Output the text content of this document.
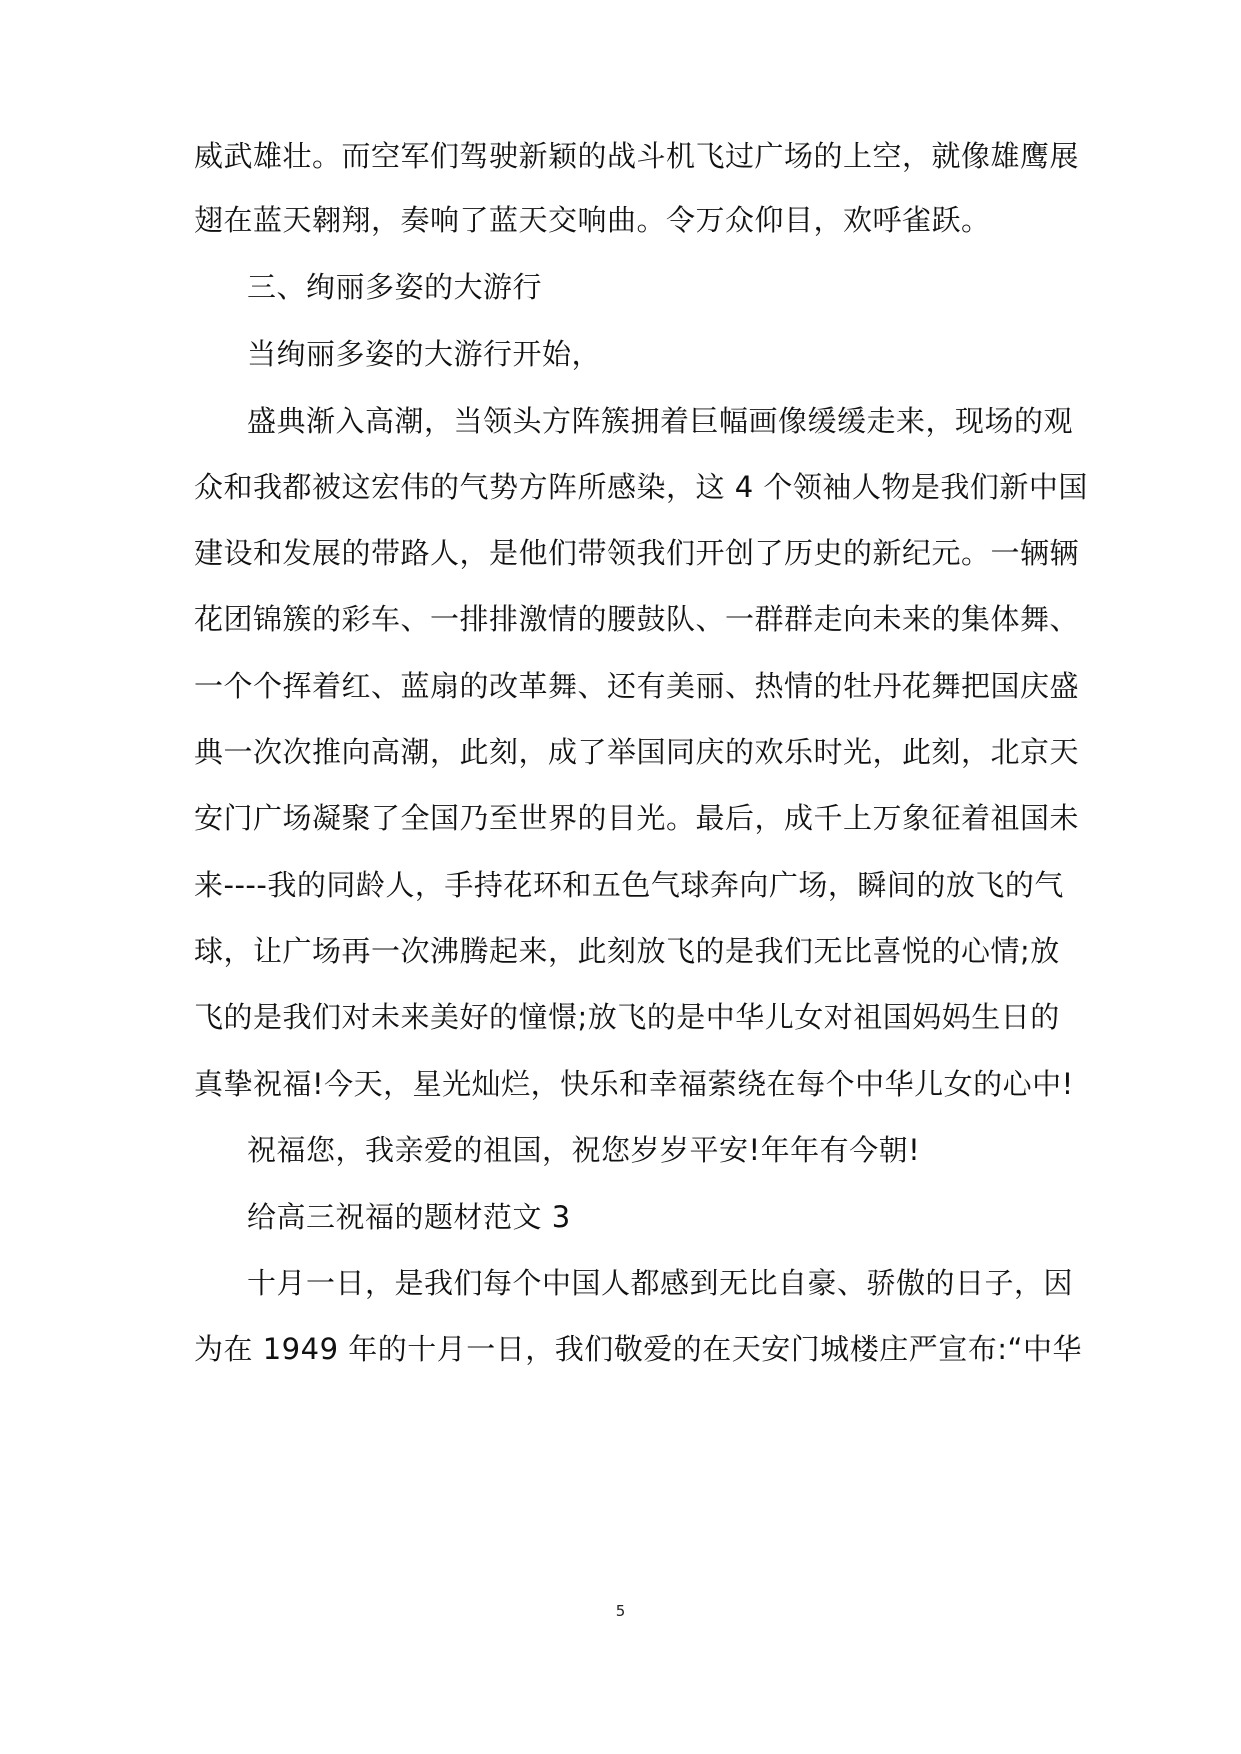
威武雄壮。而空军们驾驶新颖的战斗机飞过广场的上空，就像雄鹰展
翅在蓝天翱翔，奏响了蓝天交响曲。令万众仰目，欢呼雀跃。
三、绚丽多姿的大游行
当绚丽多姿的大游行开始，
盛典渐入高潮，当领头方阵簇拥着巨幅画像缓缓走来，现场的观
众和我都被这宏伟的气势方阵所感染，这 4 个领袖人物是我们新中国
建设和发展的带路人，是他们带领我们开创了历史的新纪元。一辆辆
花团锦簇的彩车、一排排激情的腰鼓队、一群群走向未来的集体舞、
一个个挥着红、蓝扇的改革舞、还有美丽、热情的牡丹花舞把国庆盛
典一次次推向高潮，此刻，成了举国同庆的欢乐时光，此刻，北京天
安门广场凝聚了全国乃至世界的目光。最后，成千上万象征着祖国未
来----我的同龄人，手持花环和五色气球奔向广场，瞬间的放飞的气
球，让广场再一次沸腾起来，此刻放飞的是我们无比喜悦的心情;放
飞的是我们对未来美好的憧憬;放飞的是中华儿女对祖国妈妈生日的
真挚祝福!今天，星光灿烂，快乐和幸福萦绕在每个中华儿女的心中!
祝福您，我亲爱的祖国，祝您岁岁平安!年年有今朝!
给高三祝福的题材范文 3
十月一日，是我们每个中国人都感到无比自豪、骄傲的日子，因
为在 1949 年的十月一日，我们敬爱的在天安门城楼庄严宣布:“中华
5
